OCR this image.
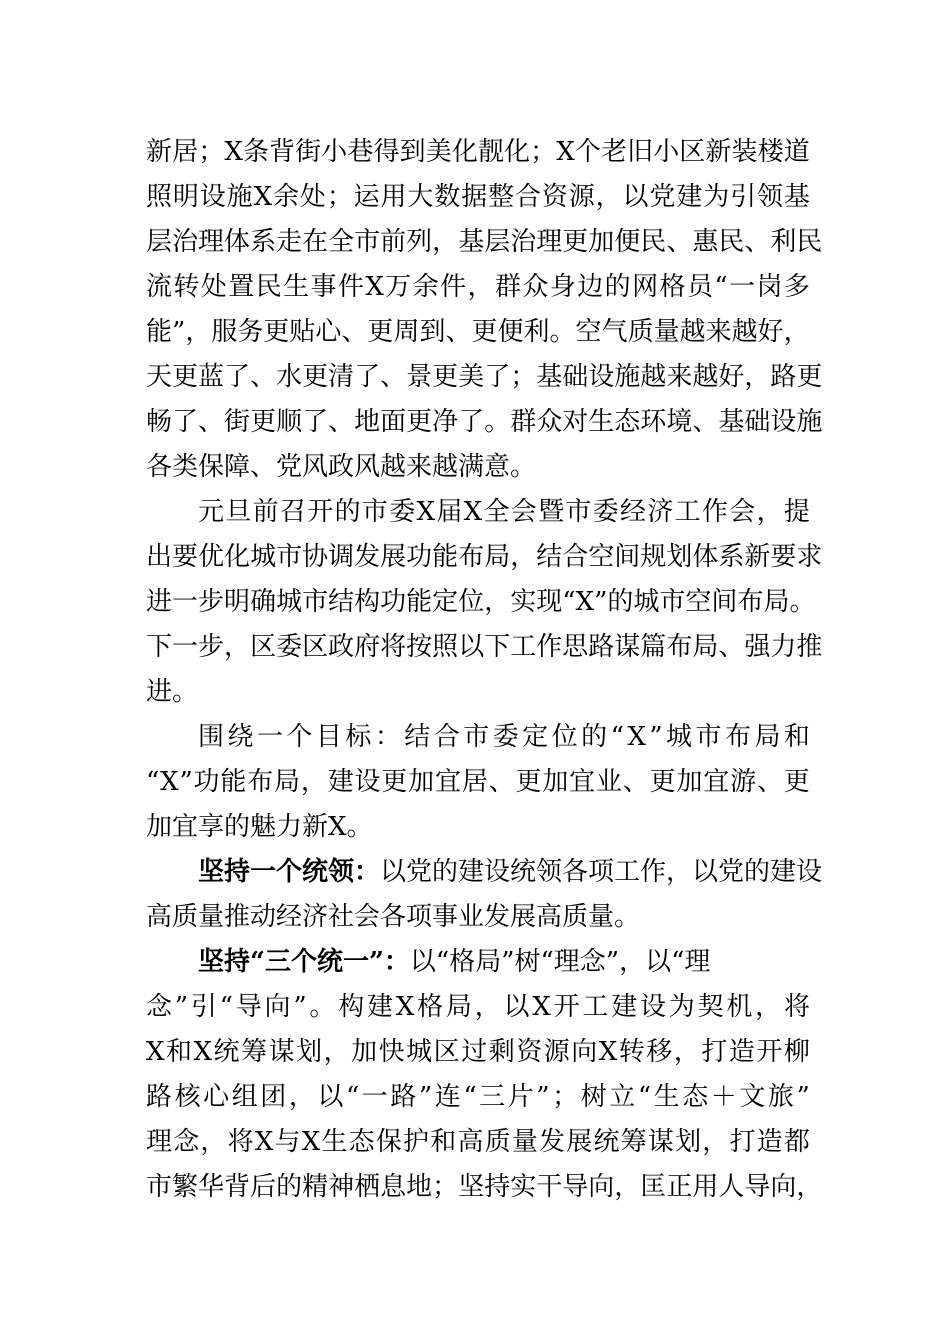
新 居 ； X 条 背 街 小 巷 得 到 美 化 靓 化 ； X 个 老 旧 小 区 新 装 楼 道
照 明 设 施 X 余 处 ； 运 用 大 数 据 整 合 资 源 ， 以 党 建 为 引 领 基
层 治 理 体 系 走 在 全 市 前 列 ， 基 层 治 理 更 加 便 民 、 惠 民 、 利 民
流 转 处 置 民 生 事 件 X 万 余 件 ， 群 众 身 边 的 网 格 员 “ 一 岗 多
能 ” ， 服 务 更 贴 心 、 更 周 到 、 更 便 利 。 空 气 质 量 越 来 越 好 ，
天 更 蓝 了 、 水 更 清 了 、 景 更 美 了 ； 基 础 设 施 越 来 越 好 ， 路 更
畅 了 、 街 更 顺 了 、 地 面 更 净 了 。 群 众 对 生 态 环 境 、 基 础 设 施
各类保障、党风政风越来越满意。
元 旦 前 召 开 的 市 委 X 届 X 全 会 暨 市 委 经 济 工 作 会 ， 提
出 要 优 化 城 市 协 调 发 展 功 能 布 局 ， 结 合 空 间 规 划 体 系 新 要 求
进 一 步 明 确 城 市 结 构 功 能 定 位 ， 实 现 “ X ” 的 城 市 空 间 布 局 。
下 一 步 ， 区 委 区 政 府 将 按 照 以 下 工 作 思 路 谋 篇 布 局 、 强 力 推
进。
围 绕 一 个 目 标 ： 结 合 市 委 定 位 的 “ X ” 城 市 布 局 和
“ X ” 功 能 布 局 ， 建 设 更 加 宜 居 、 更 加 宜 业 、 更 加 宜 游 、 更
加宜享的魅力新X。
坚持一个统领：以党的建设统领各项工作，以党的建设
高质量推动经济社会各项事业发展高质量。
坚持“三个统一”：以“格局”树“理念”，以“理
念 ” 引 “ 导 向 ” 。 构 建 X 格 局 ， 以 X 开 工 建 设 为 契 机 ， 将
X 和 X 统 筹 谋 划 ， 加 快 城 区 过 剩 资 源 向 X 转 移 ， 打 造 开 柳
路 核 心 组 团 ， 以 “ 一 路 ” 连 “ 三 片 ” ； 树 立 “ 生 态 ＋ 文 旅 ”
理 念 ， 将 X 与 X 生 态 保 护 和 高 质 量 发 展 统 筹 谋 划 ， 打 造 都
市 繁 华 背 后 的 精 神 栖 息 地 ； 坚 持 实 干 导 向 ， 匡 正 用 人 导 向 ，
